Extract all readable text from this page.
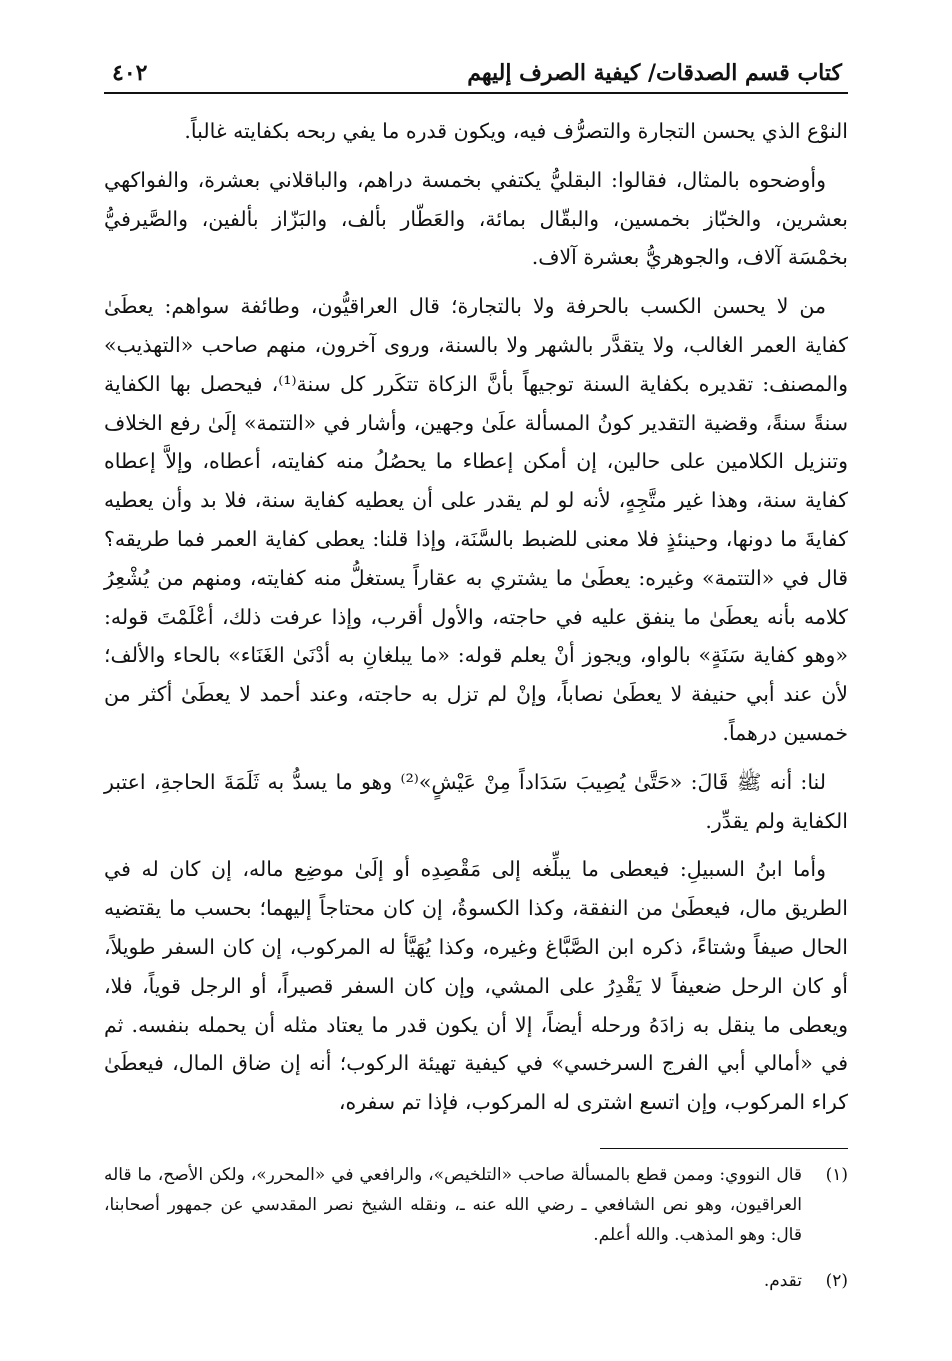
كتاب قسم الصدقات/ كيفية الصرف إليهم
٤٠٢

النوْع الذي يحسن التجارة والتصرُّف فيه، ويكون قدره ما يفي ربحه بكفايته غالباً.

وأوضحوه بالمثال، فقالوا: البقليُّ يكتفي بخمسة دراهم، والباقلاني بعشرة، والفواكهي بعشرين، والخبّاز بخمسين، والبقّال بمائة، والعَطّار بألف، والبَزّاز بألفين، والصَّيرفيُّ بخمْسَة آلاف، والجوهريُّ بعشرة آلاف.

من لا يحسن الكسب بالحرفة ولا بالتجارة؛ قال العراقيُّون، وطائفة سواهم: يعطَىٰ كفاية العمر الغالب، ولا يتقدَّر بالشهر ولا بالسنة، وروى آخرون، منهم صاحب «التهذيب» والمصنف: تقديره بكفاية السنة توجيهاً بأنَّ الزكاة تتكَرر كل سنة⁽¹⁾، فيحصل بها الكفاية سنةً سنةً، وقضية التقدير كونُ المسألة علَىٰ وجهين، وأشار في «التتمة» إلَىٰ رفع الخلاف وتنزيل الكلامين على حالين، إن أمكن إعطاء ما يحصُلُ منه كفايته، أعطاه، وإلاَّ إعطاه كفاية سنة، وهذا غير متَّجِهٍ، لأنه لو لم يقدر على أن يعطيه كفاية سنة، فلا بد وأن يعطيه كفايةَ ما دونها، وحينئذٍ فلا معنى للضبط بالسَّنَة، وإذا قلنا: يعطى كفاية العمر فما طريقه؟ قال في «التتمة» وغيره: يعطَىٰ ما يشتري به عقاراً يستغلُّ منه كفايته، ومنهم من يُشْعِرُ كلامه بأنه يعطَىٰ ما ينفق عليه في حاجته، والأول أقرب، وإذا عرفت ذلك، أعْلَمْتَ قوله: «وهو كفاية سَنَةٍ» بالواو، ويجوز أنْ يعلم قوله: «ما يبلغانِ به أدْنَىٰ الغَنَاء» بالحاء والألف؛ لأن عند أبي حنيفة لا يعطَىٰ نصاباً، وإنْ لم تزل به حاجته، وعند أحمد لا يعطَىٰ أكثر من خمسين درهماً.

لنا: أنه ﷺ قَالَ: «حَتَّىٰ يُصِيبَ سَدَاداً مِنْ عَيْشٍ»⁽²⁾ وهو ما يسدُّ به ثَلَمَةَ الحاجةِ، اعتبر الكفاية ولم يقدِّر.

وأما ابنُ السبيلِ: فيعطى ما يبلِّغه إلى مَقْصِدِه أو إلَىٰ موضِع ماله، إن كان له في الطريق مال، فيعطَىٰ من النفقة، وكذا الكسوةُ، إن كان محتاجاً إليهما؛ بحسب ما يقتضيه الحال صيفاً وشتاءً، ذكره ابن الصَّبَّاغ وغيره، وكذا يُهَيَّأ له المركوب، إن كان السفر طويلاً، أو كان الرحل ضعيفاً لا يَقْدِرُ على المشي، وإن كان السفر قصيراً، أو الرجل قوياً، فلا، ويعطى ما ينقل به زادَهُ ورحله أيضاً، إلا أن يكون قدر ما يعتاد مثله أن يحمله بنفسه. ثم في «أمالي أبي الفرج السرخسي» في كيفية تهيئة الركوب؛ أنه إن ضاق المال، فيعطَىٰ كراء المركوب، وإن اتسع اشترى له المركوب، فإذا تم سفره،

(١)
قال النووي: وممن قطع بالمسألة صاحب «التلخيص»، والرافعي في «المحرر»، ولكن الأصح، ما قاله العراقيون، وهو نص الشافعي ـ رضي الله عنه ـ، ونقله الشيخ نصر المقدسي عن جمهور أصحابنا، قال: وهو المذهب. والله أعلم.

(٢)
تقدم.
